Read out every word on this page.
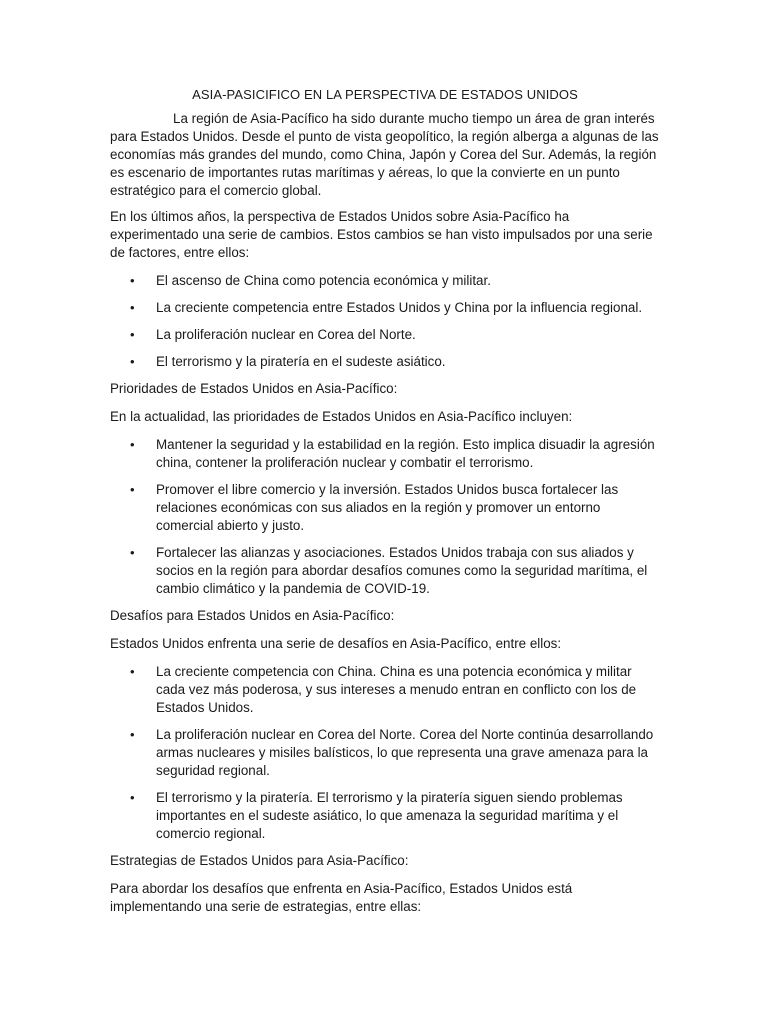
ASIA-PASICIFICO EN LA PERSPECTIVA DE ESTADOS UNIDOS

La región de Asia-Pacífico ha sido durante mucho tiempo un área de gran interés para Estados Unidos. Desde el punto de vista geopolítico, la región alberga a algunas de las economías más grandes del mundo, como China, Japón y Corea del Sur. Además, la región es escenario de importantes rutas marítimas y aéreas, lo que la convierte en un punto estratégico para el comercio global.

En los últimos años, la perspectiva de Estados Unidos sobre Asia-Pacífico ha experimentado una serie de cambios. Estos cambios se han visto impulsados por una serie de factores, entre ellos:

• El ascenso de China como potencia económica y militar.
• La creciente competencia entre Estados Unidos y China por la influencia regional.
• La proliferación nuclear en Corea del Norte.
• El terrorismo y la piratería en el sudeste asiático.

Prioridades de Estados Unidos en Asia-Pacífico:

En la actualidad, las prioridades de Estados Unidos en Asia-Pacífico incluyen:

• Mantener la seguridad y la estabilidad en la región. Esto implica disuadir la agresión china, contener la proliferación nuclear y combatir el terrorismo.
• Promover el libre comercio y la inversión. Estados Unidos busca fortalecer las relaciones económicas con sus aliados en la región y promover un entorno comercial abierto y justo.
• Fortalecer las alianzas y asociaciones. Estados Unidos trabaja con sus aliados y socios en la región para abordar desafíos comunes como la seguridad marítima, el cambio climático y la pandemia de COVID-19.

Desafíos para Estados Unidos en Asia-Pacífico:

Estados Unidos enfrenta una serie de desafíos en Asia-Pacífico, entre ellos:

• La creciente competencia con China. China es una potencia económica y militar cada vez más poderosa, y sus intereses a menudo entran en conflicto con los de Estados Unidos.
• La proliferación nuclear en Corea del Norte. Corea del Norte continúa desarrollando armas nucleares y misiles balísticos, lo que representa una grave amenaza para la seguridad regional.
• El terrorismo y la piratería. El terrorismo y la piratería siguen siendo problemas importantes en el sudeste asiático, lo que amenaza la seguridad marítima y el comercio regional.

Estrategias de Estados Unidos para Asia-Pacífico:

Para abordar los desafíos que enfrenta en Asia-Pacífico, Estados Unidos está implementando una serie de estrategias, entre ellas:
